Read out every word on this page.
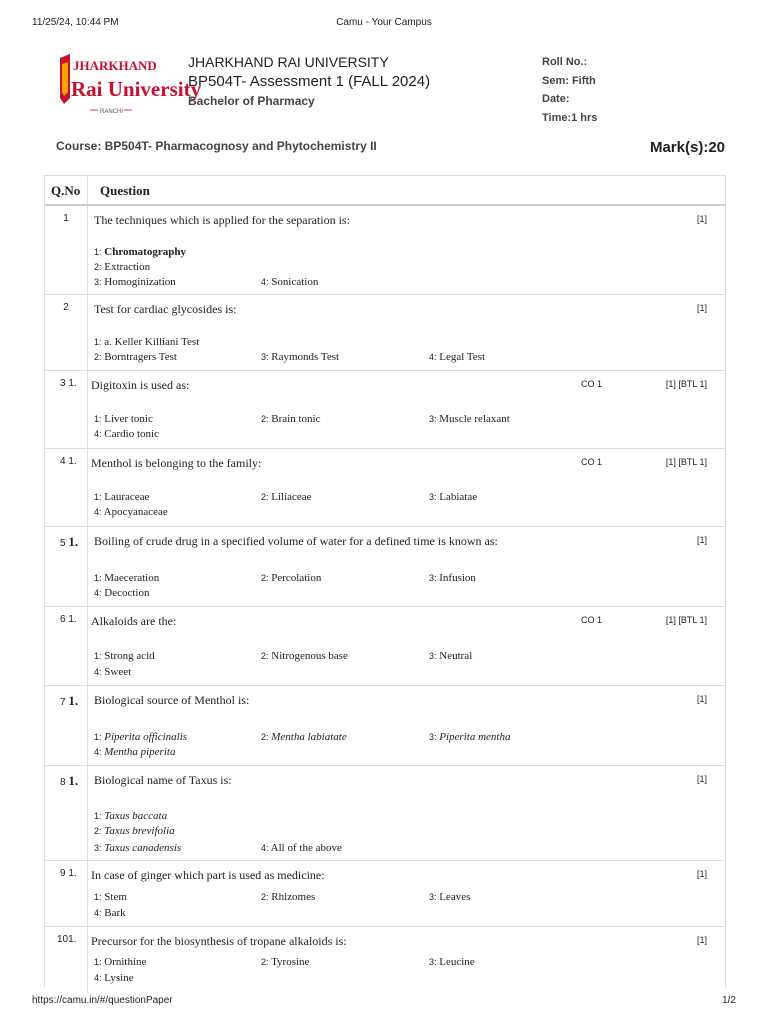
11/25/24, 10:44 PM	Camu - Your Campus
JHARKHAND
Rai University
RANCHI
JHARKHAND RAI UNIVERSITY
BP504T- Assessment 1 (FALL 2024)
Bachelor of Pharmacy
Roll No.:
Sem: Fifth
Date:
Time:1 hrs
Course: BP504T- Pharmacognosy and Phytochemistry II	Mark(s):20
Q.No Question
1	The techniques which is applied for the separation is:	[1]
1: Chromatography
2: Extraction
3: Homoginization	4: Sonication
2	Test for cardiac glycosides is:	[1]
1: a. Keller Killiani Test
2: Borntragers Test	3: Raymonds Test	4: Legal Test
3 1.	Digitoxin is used as:	CO 1	[1] [BTL 1]
1: Liver tonic	2: Brain tonic	3: Muscle relaxant
4: Cardio tonic
4 1.	Menthol is belonging to the family:	CO 1	[1] [BTL 1]
1: Lauraceae	2: Liliaceae	3: Labiatae
4: Apocyanaceae
5 1.	Boiling of crude drug in a specified volume of water for a defined time is known as:	[1]
1: Maeceration	2: Percolation	3: Infusion
4: Decoction
6 1.	Alkaloids are the:	CO 1	[1] [BTL 1]
1: Strong acid	2: Nitrogenous base	3: Neutral
4: Sweet
7 1.	Biological source of Menthol is:	[1]
1: Piperita officinalis	2: Mentha labiatate	3: Piperita mentha
4: Mentha piperita
8 1.	Biological name of Taxus is:	[1]
1: Taxus baccata
2: Taxus brevifolia
3: Taxus canadensis	4: All of the above
9 1.	In case of ginger which part is used as medicine:	[1]
1: Stem	2: Rhizomes	3: Leaves
4: Bark
101.	Precursor for the biosynthesis of tropane alkaloids is:	[1]
1: Ornithine	2: Tyrosine	3: Leucine
4: Lysine
https://camu.in/#/questionPaper	1/2
